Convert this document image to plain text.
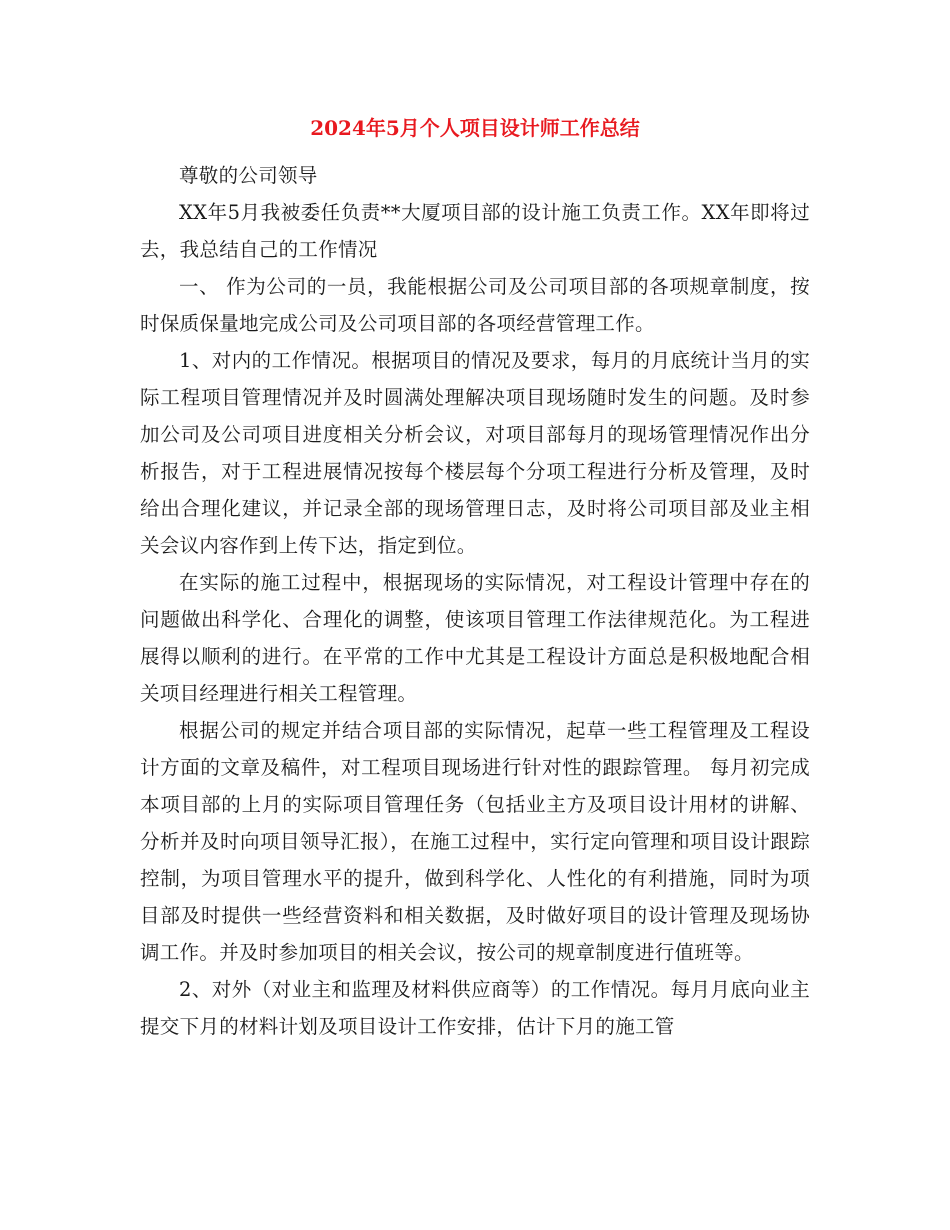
2024年5月个人项目设计师工作总结

尊敬的公司领导

XX年5月我被委任负责**大厦项目部的设计施工负责工作。XX年即将过去，我总结自己的工作情况

一、 作为公司的一员，我能根据公司及公司项目部的各项规章制度，按时保质保量地完成公司及公司项目部的各项经营管理工作。

1、对内的工作情况。根据项目的情况及要求，每月的月底统计当月的实际工程项目管理情况并及时圆满处理解决项目现场随时发生的问题。及时参加公司及公司项目进度相关分析会议，对项目部每月的现场管理情况作出分析报告，对于工程进展情况按每个楼层每个分项工程进行分析及管理，及时给出合理化建议，并记录全部的现场管理日志，及时将公司项目部及业主相关会议内容作到上传下达，指定到位。

在实际的施工过程中，根据现场的实际情况，对工程设计管理中存在的问题做出科学化、合理化的调整，使该项目管理工作法律规范化。为工程进展得以顺利的进行。在平常的工作中尤其是工程设计方面总是积极地配合相关项目经理进行相关工程管理。

根据公司的规定并结合项目部的实际情况，起草一些工程管理及工程设计方面的文章及稿件，对工程项目现场进行针对性的跟踪管理。 每月初完成本项目部的上月的实际项目管理任务（包括业主方及项目设计用材的讲解、分析并及时向项目领导汇报），在施工过程中，实行定向管理和项目设计跟踪控制，为项目管理水平的提升，做到科学化、人性化的有利措施，同时为项目部及时提供一些经营资料和相关数据，及时做好项目的设计管理及现场协调工作。并及时参加项目的相关会议，按公司的规章制度进行值班等。

2、对外（对业主和监理及材料供应商等）的工作情况。每月月底向业主提交下月的材料计划及项目设计工作安排，估计下月的施工管
